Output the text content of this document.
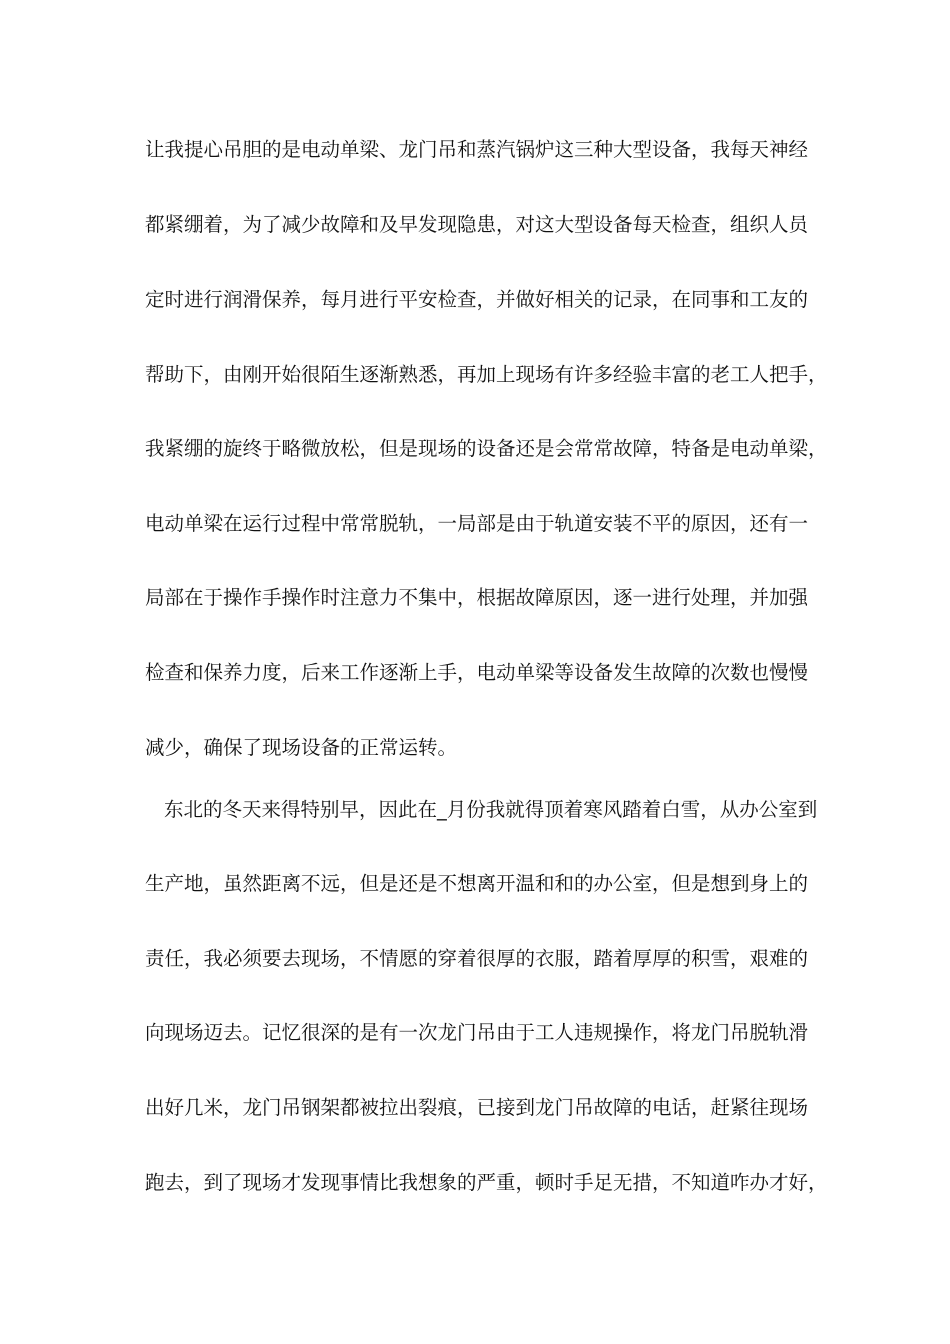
让我提心吊胆的是电动单梁、龙门吊和蒸汽锅炉这三种大型设备，我每天神经
都紧绷着，为了减少故障和及早发现隐患，对这大型设备每天检查，组织人员
定时进行润滑保养，每月进行平安检查，并做好相关的记录，在同事和工友的
帮助下，由刚开始很陌生逐渐熟悉，再加上现场有许多经验丰富的老工人把手，
我紧绷的旋终于略微放松，但是现场的设备还是会常常故障，特备是电动单梁，
电动单梁在运行过程中常常脱轨，一局部是由于轨道安装不平的原因，还有一
局部在于操作手操作时注意力不集中，根据故障原因，逐一进行处理，并加强
检查和保养力度，后来工作逐渐上手，电动单梁等设备发生故障的次数也慢慢
减少，确保了现场设备的正常运转。
东北的冬天来得特别早，因此在_月份我就得顶着寒风踏着白雪，从办公室到
生产地，虽然距离不远，但是还是不想离开温和和的办公室，但是想到身上的
责任，我必须要去现场，不情愿的穿着很厚的衣服，踏着厚厚的积雪，艰难的
向现场迈去。记忆很深的是有一次龙门吊由于工人违规操作，将龙门吊脱轨滑
出好几米，龙门吊钢架都被拉出裂痕，已接到龙门吊故障的电话，赶紧往现场
跑去，到了现场才发现事情比我想象的严重，顿时手足无措，不知道咋办才好，
